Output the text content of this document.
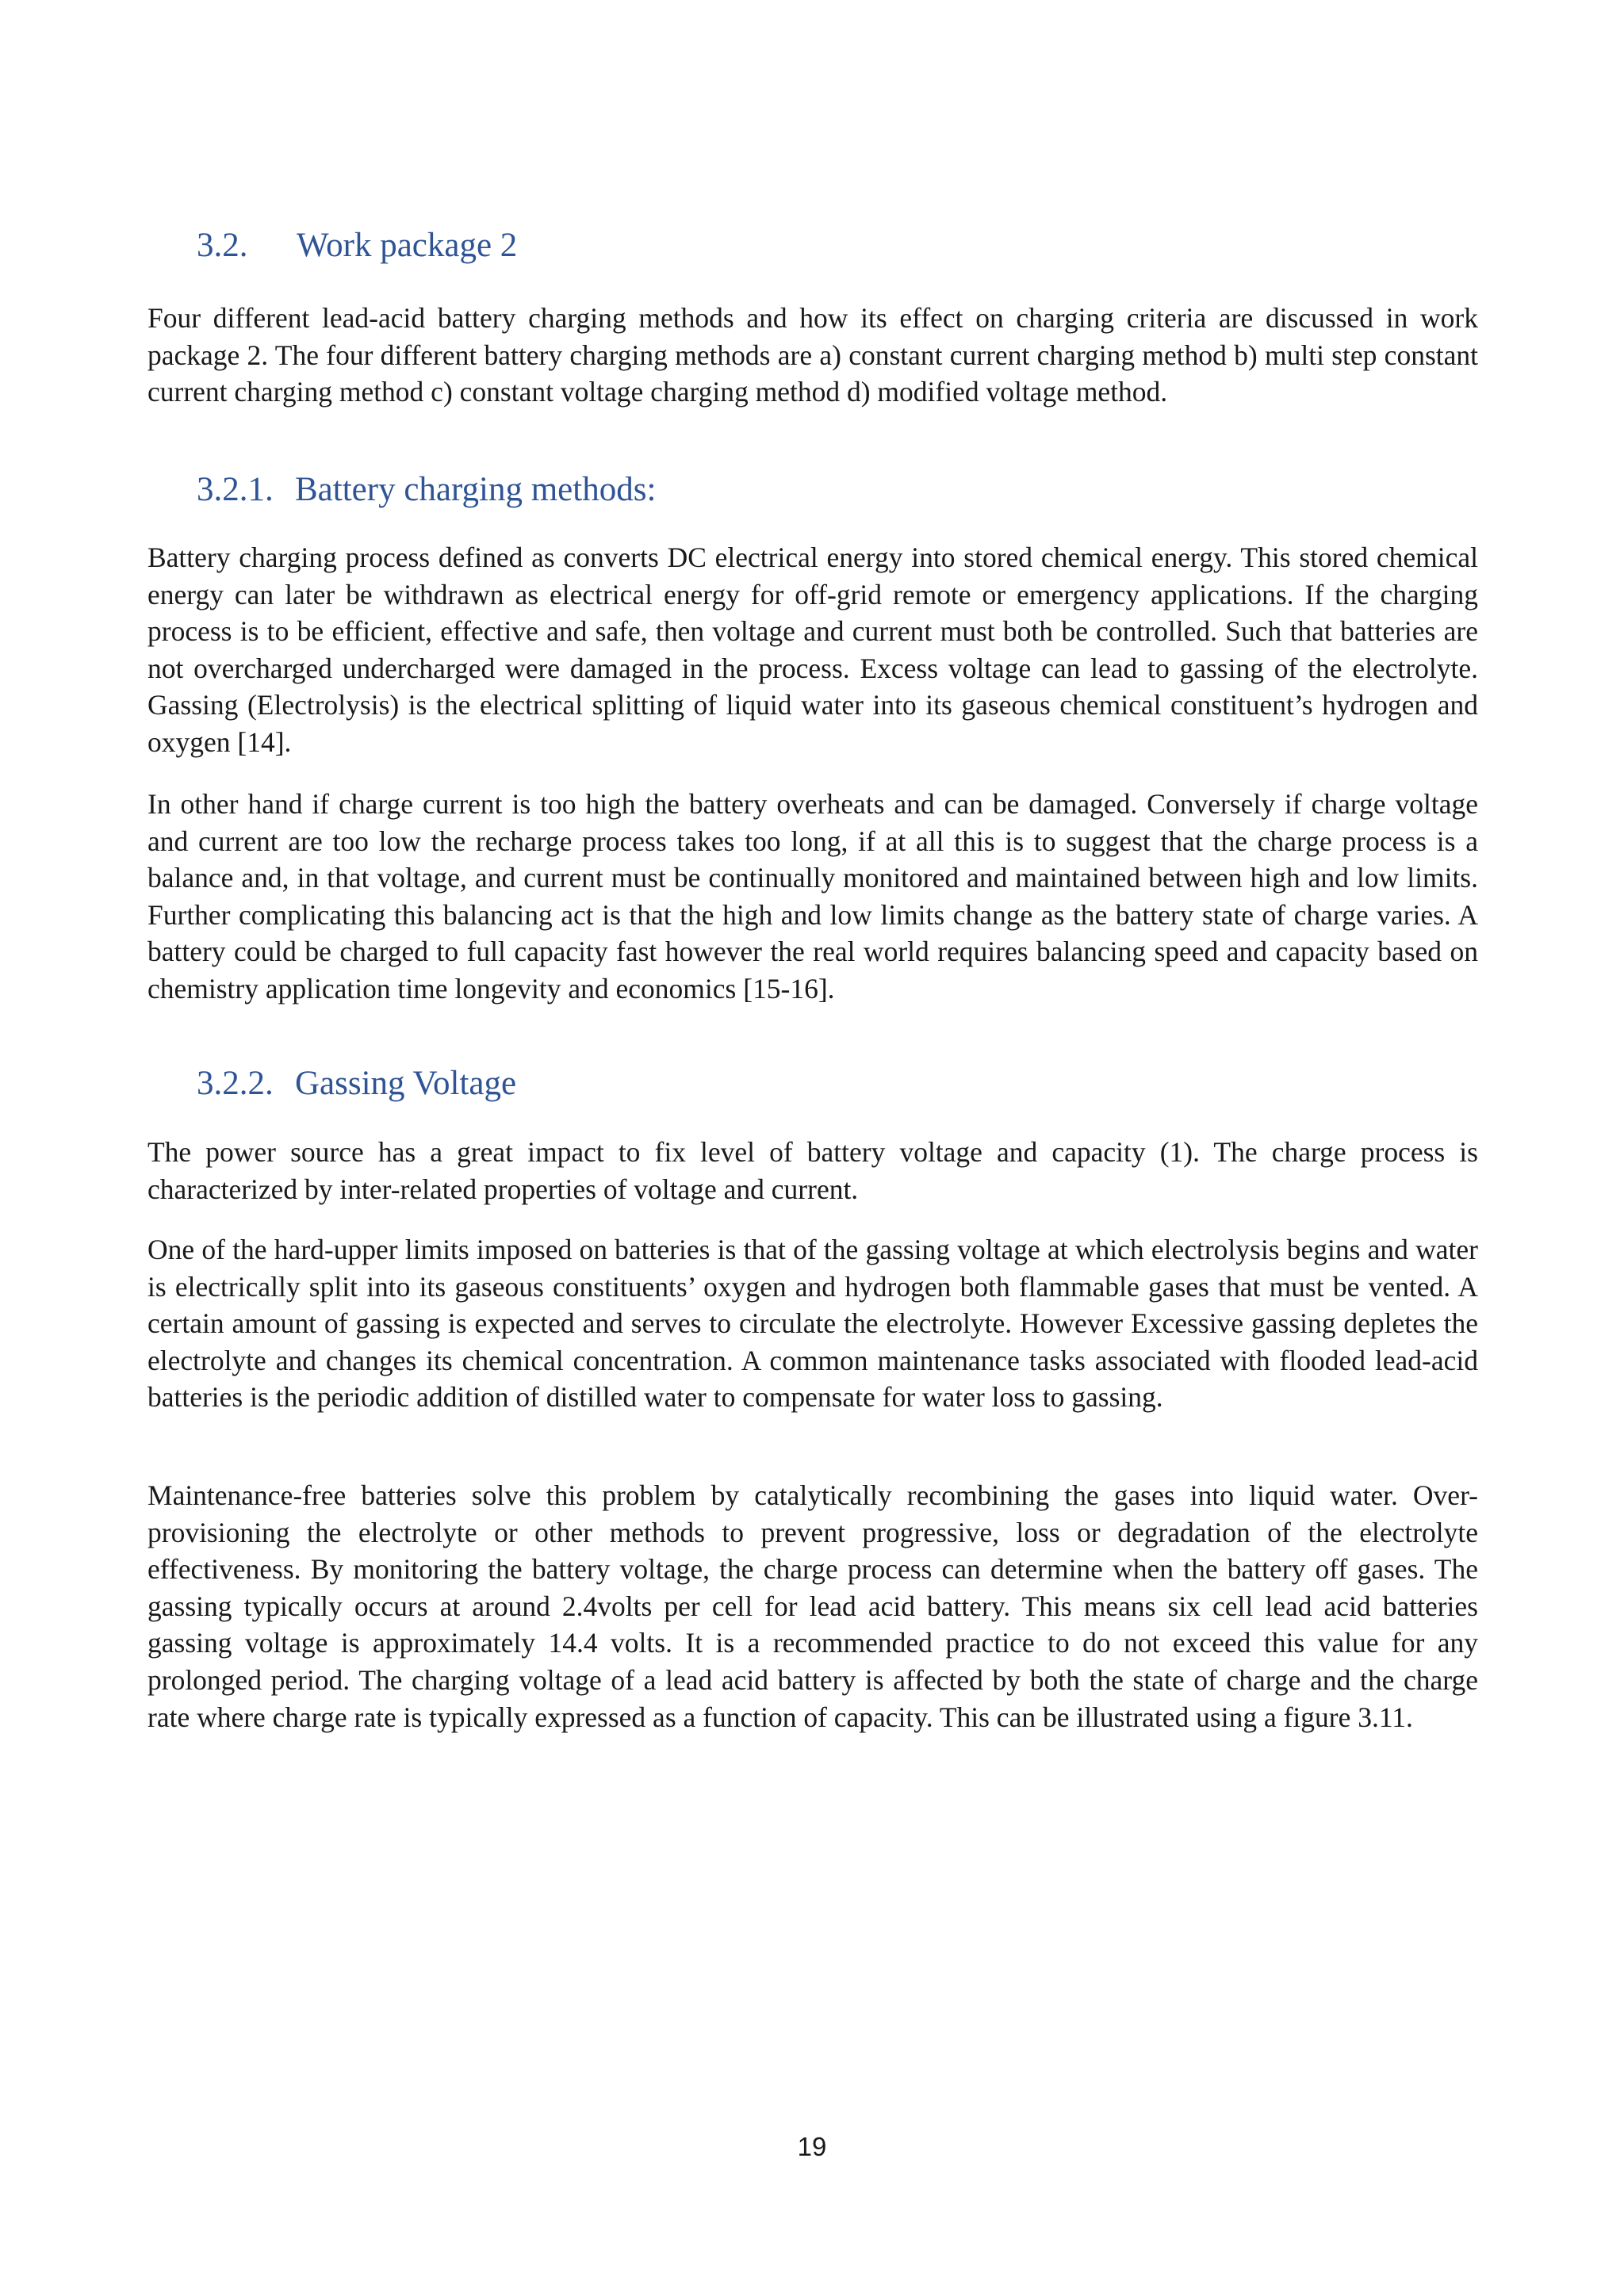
3.2. Work package 2

Four different lead-acid battery charging methods and how its effect on charging criteria are discussed in work package 2. The four different battery charging methods are a) constant current charging method b) multi step constant current charging method c) constant voltage charging method d) modified voltage method.

3.2.1. Battery charging methods:

Battery charging process defined as converts DC electrical energy into stored chemical energy. This stored chemical energy can later be withdrawn as electrical energy for off-grid remote or emergency applications. If the charging process is to be efficient, effective and safe, then voltage and current must both be controlled. Such that batteries are not overcharged undercharged were damaged in the process. Excess voltage can lead to gassing of the electrolyte. Gassing (Electrolysis) is the electrical splitting of liquid water into its gaseous chemical constituent’s hydrogen and oxygen [14].

In other hand if charge current is too high the battery overheats and can be damaged. Conversely if charge voltage and current are too low the recharge process takes too long, if at all this is to suggest that the charge process is a balance and, in that voltage, and current must be continually monitored and maintained between high and low limits. Further complicating this balancing act is that the high and low limits change as the battery state of charge varies. A battery could be charged to full capacity fast however the real world requires balancing speed and capacity based on chemistry application time longevity and economics [15-16].

3.2.2. Gassing Voltage

The power source has a great impact to fix level of battery voltage and capacity (1). The charge process is characterized by inter-related properties of voltage and current.

One of the hard-upper limits imposed on batteries is that of the gassing voltage at which electrolysis begins and water is electrically split into its gaseous constituents’ oxygen and hydrogen both flammable gases that must be vented. A certain amount of gassing is expected and serves to circulate the electrolyte. However Excessive gassing depletes the electrolyte and changes its chemical concentration. A common maintenance tasks associated with flooded lead-acid batteries is the periodic addition of distilled water to compensate for water loss to gassing.

Maintenance-free batteries solve this problem by catalytically recombining the gases into liquid water. Over-provisioning the electrolyte or other methods to prevent progressive, loss or degradation of the electrolyte effectiveness. By monitoring the battery voltage, the charge process can determine when the battery off gases. The gassing typically occurs at around 2.4volts per cell for lead acid battery. This means six cell lead acid batteries gassing voltage is approximately 14.4 volts. It is a recommended practice to do not exceed this value for any prolonged period. The charging voltage of a lead acid battery is affected by both the state of charge and the charge rate where charge rate is typically expressed as a function of capacity. This can be illustrated using a figure 3.11.

19
